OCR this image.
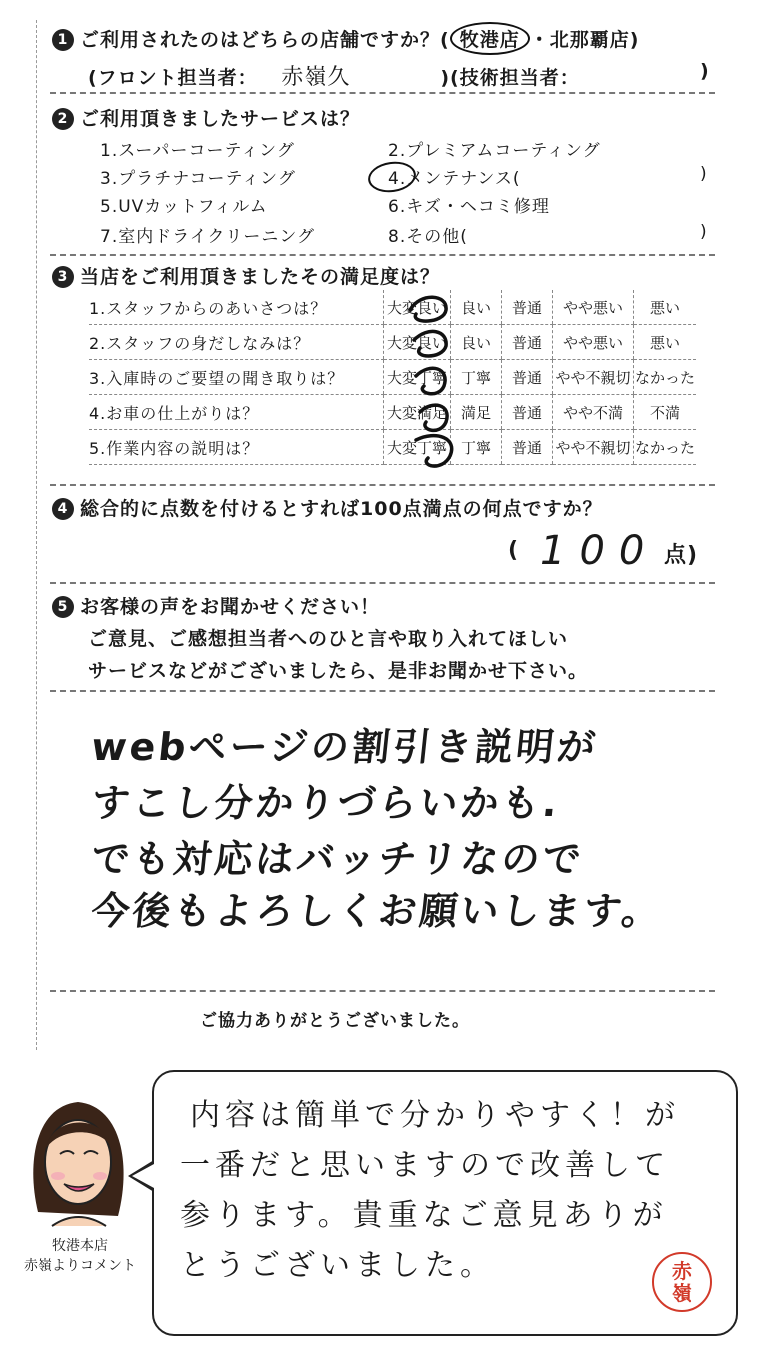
1 ご利用されたのはどちらの店舗ですか？( 牧港店 ・北那覇店)
(フロント担当者： 赤嶺久	)(技術担当者：	)
2 ご利用頂きましたサービスは？
1.スーパーコーティング	2.プレミアムコーティング
3.プラチナコーティング	4.メンテナンス(	)
5.UVカットフィルム	6.キズ・ヘコミ修理
7.室内ドライクリーニング	8.その他(	)
3 当店をご利用頂きましたその満足度は？
1.スタッフからのあいさつは？	大変良い	良い	普通	やや悪い	悪い
2.スタッフの身だしなみは？	大変良い	良い	普通	やや悪い	悪い
3.入庫時のご要望の聞き取りは？	大変丁寧	丁寧	普通	やや不親切	なかった
4.お車の仕上がりは？	大変満足	満足	普通	やや不満	不満
5.作業内容の説明は？	大変丁寧	丁寧	普通	やや不親切	なかった
4 総合的に点数を付けるとすれば100点満点の何点ですか？
( 100 点)
5 お客様の声をお聞かせください！
ご意見、ご感想担当者へのひと言や取り入れてほしい
サービスなどがございましたら、是非お聞かせ下さい。
webページの割引き説明が
すこし分かりづらいかも.
でも対応はバッチリなので
今後もよろしくお願いします。
ご協力ありがとうございました。
牧港本店
赤嶺よりコメント
内容は簡単で分かりやすく！が
一番だと思いますので改善して
参ります。貴重なご意見ありが
とうございました。	赤
嶺
